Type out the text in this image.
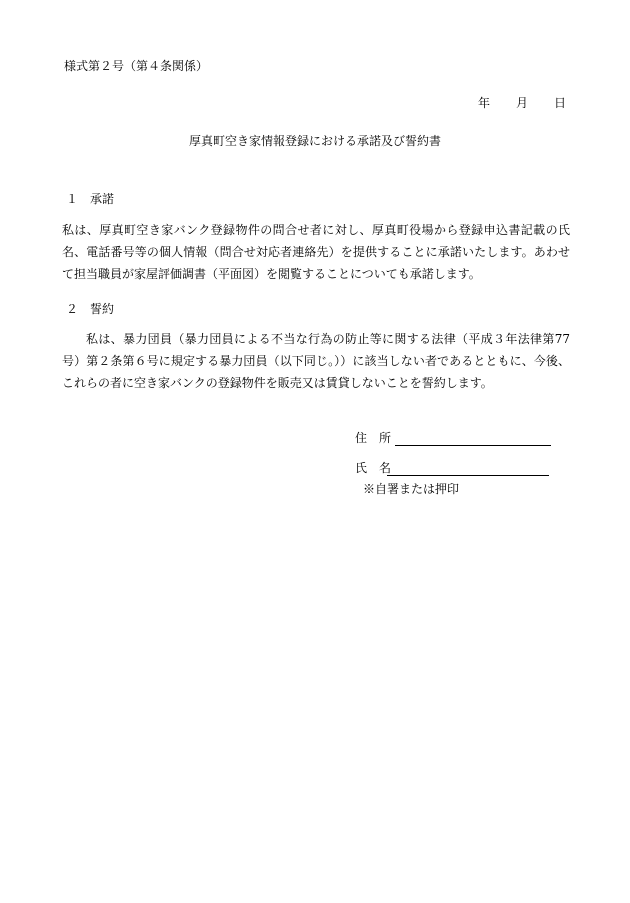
様式第２号（第４条関係）
年 月 日
厚真町空き家情報登録における承諾及び誓約書
１　承諾
私は、厚真町空き家バンク登録物件の問合せ者に対し、厚真町役場から登録申込書記載の氏名、電話番号等の個人情報（問合せ対応者連絡先）を提供することに承諾いたします。あわせて担当職員が家屋評価調書（平面図）を閲覧することについても承諾します。
２　誓約
私は、暴力団員（暴力団員による不当な行為の防止等に関する法律（平成３年法律第77号）第２条第６号に規定する暴力団員（以下同じ。））に該当しない者であるとともに、今後、これらの者に空き家バンクの登録物件を販売又は賃貸しないことを誓約します。
住　所
氏　名
※自署または押印
